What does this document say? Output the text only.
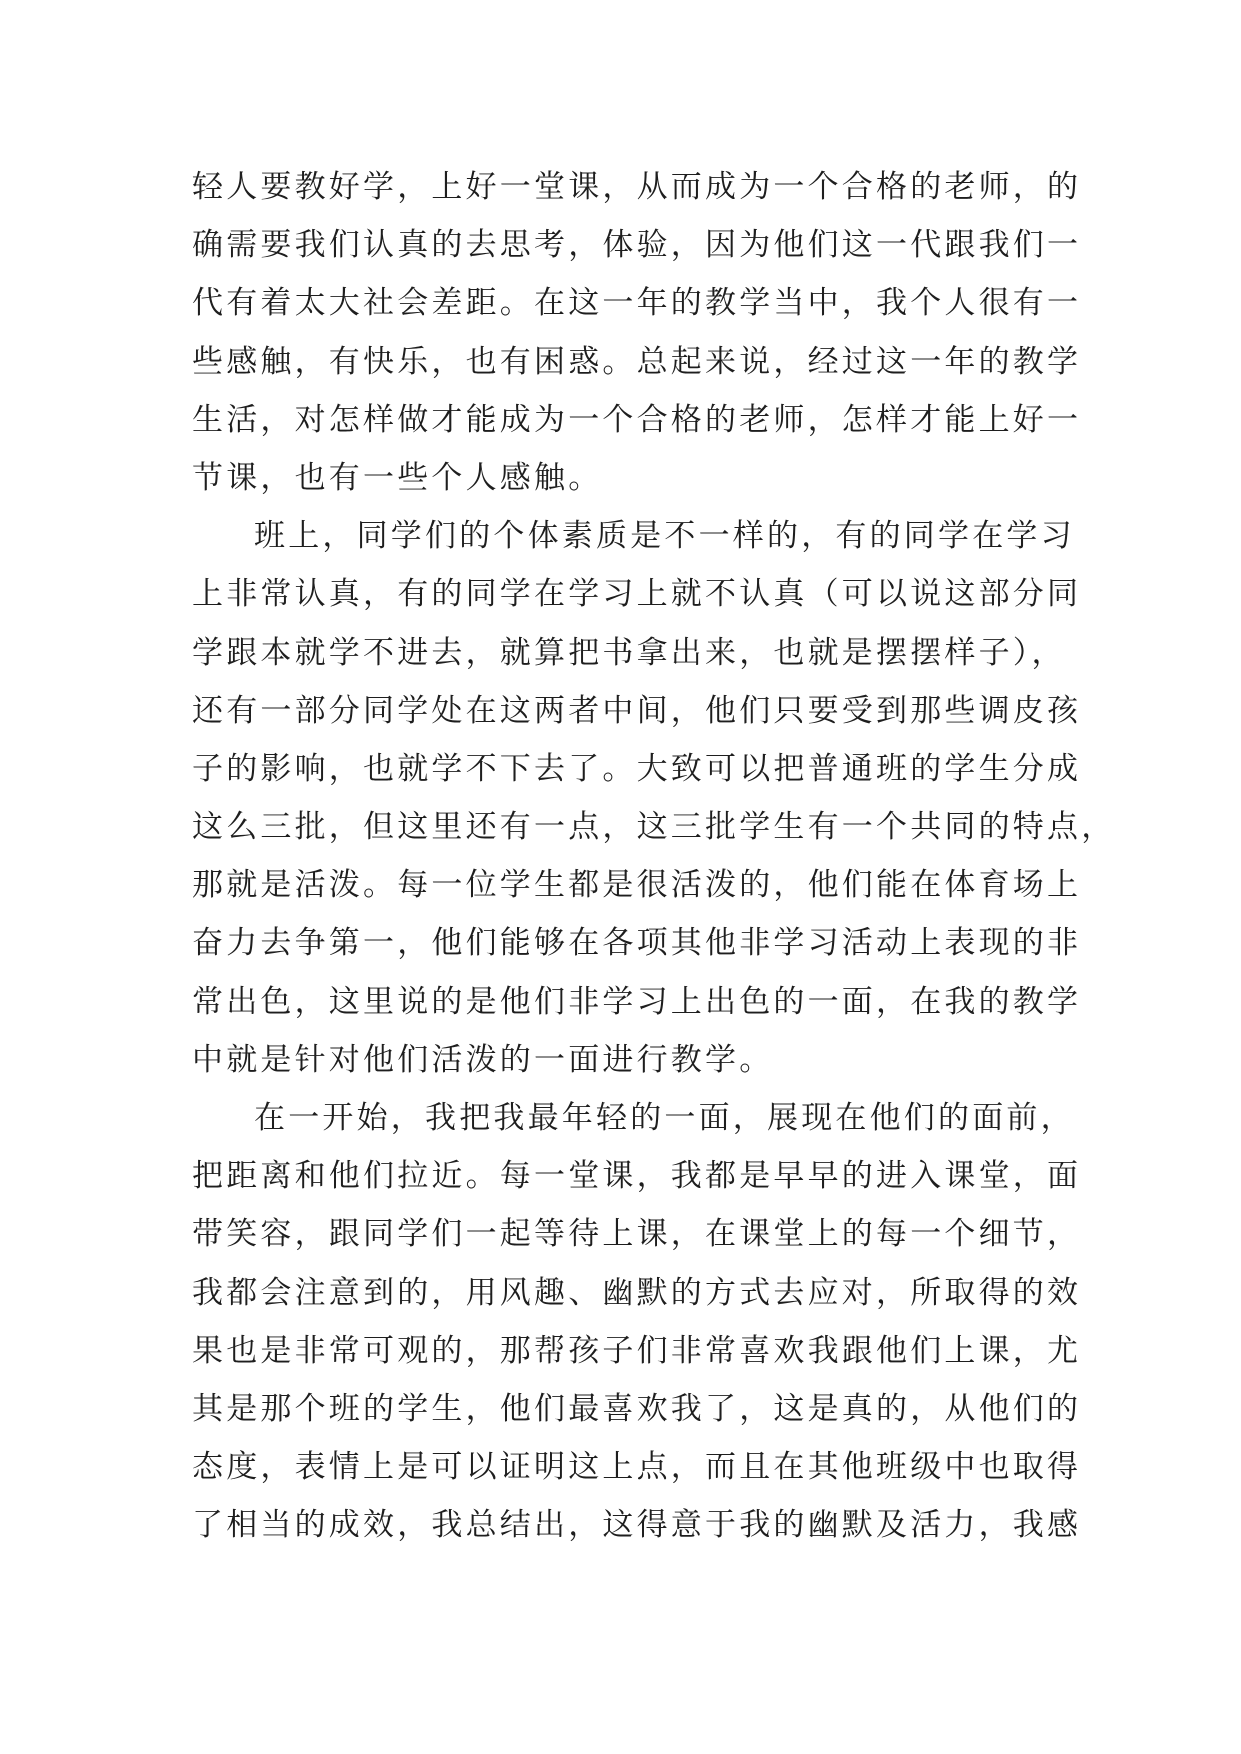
轻人要教好学，上好一堂课，从而成为一个合格的老师，的
确需要我们认真的去思考，体验，因为他们这一代跟我们一
代有着太大社会差距。在这一年的教学当中，我个人很有一
些感触，有快乐，也有困惑。总起来说，经过这一年的教学
生活，对怎样做才能成为一个合格的老师，怎样才能上好一
节课，也有一些个人感触。
班上，同学们的个体素质是不一样的，有的同学在学习
上非常认真，有的同学在学习上就不认真（可以说这部分同
学跟本就学不进去，就算把书拿出来，也就是摆摆样子），
还有一部分同学处在这两者中间，他们只要受到那些调皮孩
子的影响，也就学不下去了。大致可以把普通班的学生分成
这么三批，但这里还有一点，这三批学生有一个共同的特点，
那就是活泼。每一位学生都是很活泼的，他们能在体育场上
奋力去争第一，他们能够在各项其他非学习活动上表现的非
常出色，这里说的是他们非学习上出色的一面，在我的教学
中就是针对他们活泼的一面进行教学。
在一开始，我把我最年轻的一面，展现在他们的面前，
把距离和他们拉近。每一堂课，我都是早早的进入课堂，面
带笑容，跟同学们一起等待上课，在课堂上的每一个细节，
我都会注意到的，用风趣、幽默的方式去应对，所取得的效
果也是非常可观的，那帮孩子们非常喜欢我跟他们上课，尤
其是那个班的学生，他们最喜欢我了，这是真的，从他们的
态度，表情上是可以证明这上点，而且在其他班级中也取得
了相当的成效，我总结出，这得意于我的幽默及活力，我感
